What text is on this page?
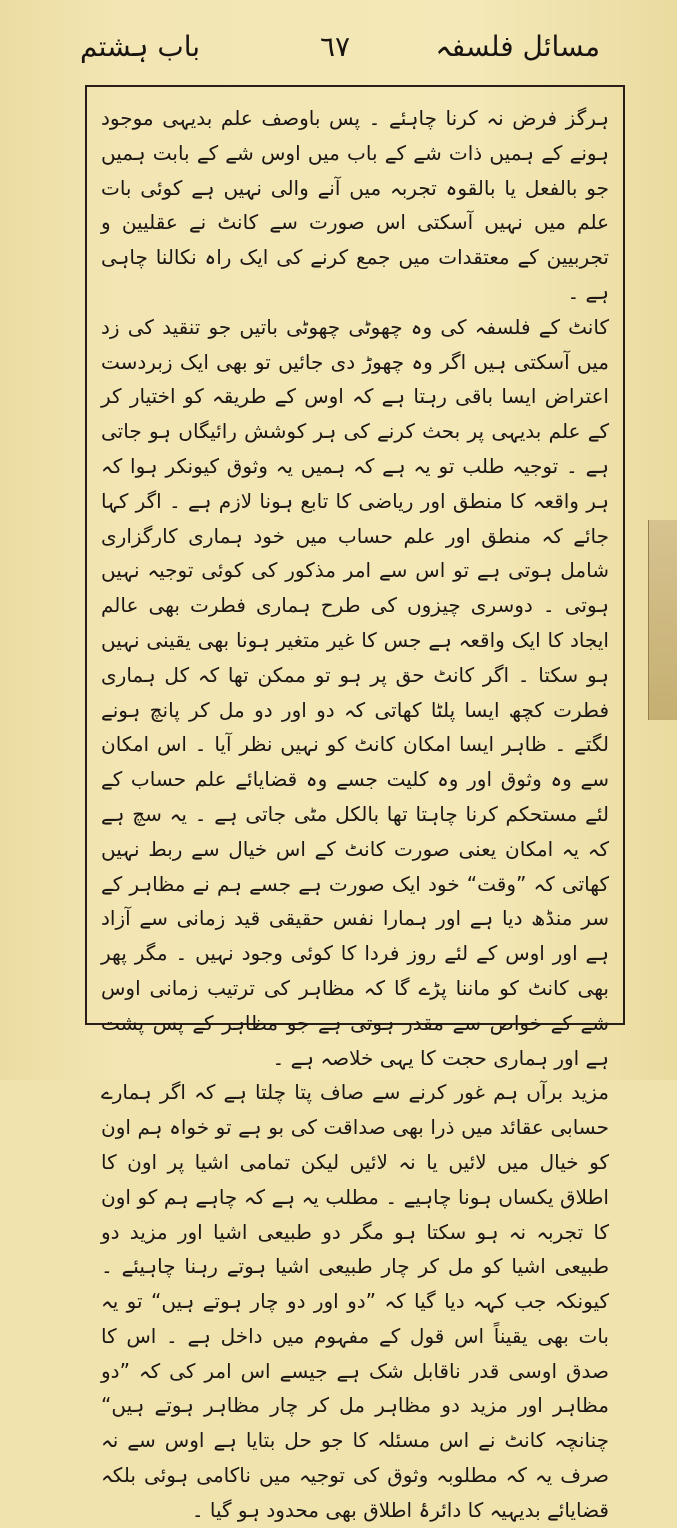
باب ہشتم	٦٧	مسائل فلسفہ
ہرگز فرض نہ کرنا چاہئے ۔ پس باوصف علم بدیہی موجود ہونے کے ہمیں ذات شے کے باب میں اوس شے کے بابت ہمیں جو بالفعل یا بالقوہ تجربہ میں آنے والی نہیں ہے کوئی بات علم میں نہیں آسکتی اس صورت سے کانٹ نے عقلیین و تجربیین کے معتقدات میں جمع کرنے کی ایک راہ نکالنا چاہی ہے ۔
کانٹ کے فلسفہ کی وہ چھوٹی چھوٹی باتیں جو تنقید کی زد میں آسکتی ہیں اگر وہ چھوڑ دی جائیں تو بھی ایک زبردست اعتراض ایسا باقی رہتا ہے کہ اوس کے طریقہ کو اختیار کر کے علم بدیہی پر بحث کرنے کی ہر کوشش رائیگاں ہو جاتی ہے ۔ توجیہ طلب تو یہ ہے کہ ہمیں یہ وثوق کیونکر ہوا کہ ہر واقعہ کا منطق اور ریاضی کا تابع ہونا لازم ہے ۔ اگر کہا جائے کہ منطق اور علم حساب میں خود ہماری کارگزاری شامل ہوتی ہے تو اس سے امر مذکور کی کوئی توجیہ نہیں ہوتی ۔ دوسری چیزوں کی طرح ہماری فطرت بھی عالم ایجاد کا ایک واقعہ ہے جس کا غیر متغیر ہونا بھی یقینی نہیں ہو سکتا ۔ اگر کانٹ حق پر ہو تو ممکن تھا کہ کل ہماری فطرت کچھ ایسا پلٹا کھاتی کہ دو اور دو مل کر پانچ ہونے لگتے ۔ ظاہر ایسا امکان کانٹ کو نہیں نظر آیا ۔ اس امکان سے وہ وثوق اور وہ کلیت جسے وہ قضایائے علم حساب کے لئے مستحکم کرنا چاہتا تھا بالکل مٹی جاتی ہے ۔ یہ سچ ہے کہ یہ امکان یعنی صورت کانٹ کے اس خیال سے ربط نہیں کھاتی کہ ”وقت“ خود ایک صورت ہے جسے ہم نے مظاہر کے سر منڈھ دیا ہے اور ہمارا نفس حقیقی قید زمانی سے آزاد ہے اور اوس کے لئے روز فردا کا کوئی وجود نہیں ۔ مگر پھر بھی کانٹ کو ماننا پڑے گا کہ مظاہر کی ترتیب زمانی اوس شے کے خواص سے مقدر ہوتی ہے جو مظاہر کے پس پشت ہے اور ہماری حجت کا یہی خلاصہ ہے ۔
مزید برآں ہم غور کرنے سے صاف پتا چلتا ہے کہ اگر ہمارے حسابی عقائد میں ذرا بھی صداقت کی بو ہے تو خواہ ہم اون کو خیال میں لائیں یا نہ لائیں لیکن تمامی اشیا پر اون کا اطلاق یکساں ہونا چاہیے ۔ مطلب یہ ہے کہ چاہے ہم کو اون کا تجربہ نہ ہو سکتا ہو مگر دو طبیعی اشیا اور مزید دو طبیعی اشیا کو مل کر چار طبیعی اشیا ہوتے رہنا چاہیئے ۔ کیونکہ جب کہہ دیا گیا کہ ”دو اور دو چار ہوتے ہیں“ تو یہ بات بھی یقیناً اس قول کے مفہوم میں داخل ہے ۔ اس کا صدق اوسی قدر ناقابل شک ہے جیسے اس امر کی کہ ”دو مظاہر اور مزید دو مظاہر مل کر چار مظاہر ہوتے ہیں“ چنانچہ کانٹ نے اس مسئلہ کا جو حل بتایا ہے اوس سے نہ صرف یہ کہ مطلوبہ وثوق کی توجیہ میں ناکامی ہوئی بلکہ قضایائے بدیہیہ کا دائرۂ اطلاق بھی محدود ہو گیا ۔
